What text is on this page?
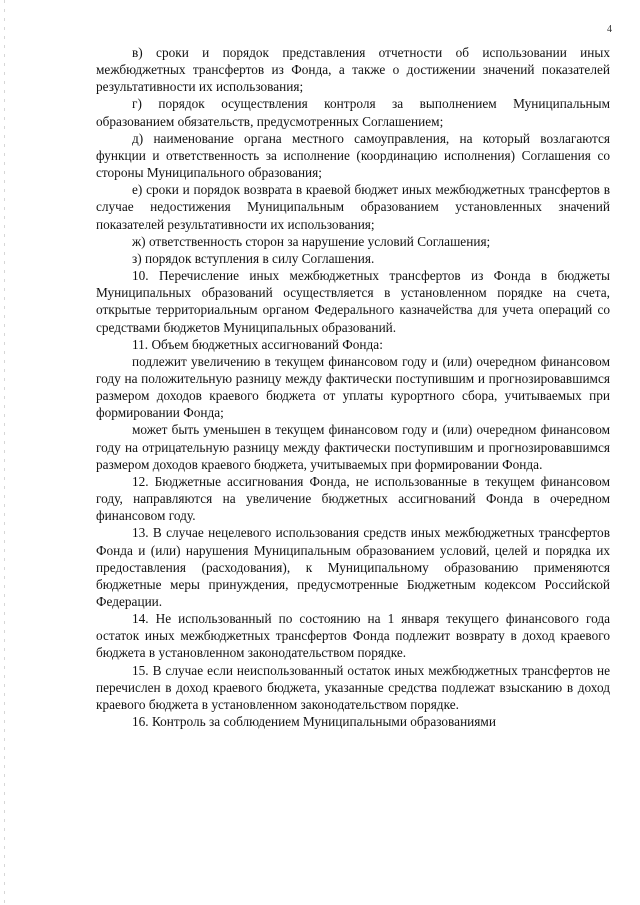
4

в) сроки и порядок представления отчетности об использовании иных межбюджетных трансфертов из Фонда, а также о достижении значений показателей результативности их использования;

г) порядок осуществления контроля за выполнением Муниципальным образованием обязательств, предусмотренных Соглашением;

д) наименование органа местного самоуправления, на который возлагаются функции и ответственность за исполнение (координацию исполнения) Соглашения со стороны Муниципального образования;

е) сроки и порядок возврата в краевой бюджет иных межбюджетных трансфертов в случае недостижения Муниципальным образованием установленных значений показателей результативности их использования;

ж) ответственность сторон за нарушение условий Соглашения;

з) порядок вступления в силу Соглашения.

10. Перечисление иных межбюджетных трансфертов из Фонда в бюджеты Муниципальных образований осуществляется в установленном порядке на счета, открытые территориальным органом Федерального казначейства для учета операций со средствами бюджетов Муниципальных образований.

11. Объем бюджетных ассигнований Фонда:

подлежит увеличению в текущем финансовом году и (или) очередном финансовом году на положительную разницу между фактически поступившим и прогнозировавшимся размером доходов краевого бюджета от уплаты курортного сбора, учитываемых при формировании Фонда;

может быть уменьшен в текущем финансовом году и (или) очередном финансовом году на отрицательную разницу между фактически поступившим и прогнозировавшимся размером доходов краевого бюджета, учитываемых при формировании Фонда.

12. Бюджетные ассигнования Фонда, не использованные в текущем финансовом году, направляются на увеличение бюджетных ассигнований Фонда в очередном финансовом году.

13. В случае нецелевого использования средств иных межбюджетных трансфертов Фонда и (или) нарушения Муниципальным образованием условий, целей и порядка их предоставления (расходования), к Муниципальному образованию применяются бюджетные меры принуждения, предусмотренные Бюджетным кодексом Российской Федерации.

14. Не использованный по состоянию на 1 января текущего финансового года остаток иных межбюджетных трансфертов Фонда подлежит возврату в доход краевого бюджета в установленном законодательством порядке.

15. В случае если неиспользованный остаток иных межбюджетных трансфертов не перечислен в доход краевого бюджета, указанные средства подлежат взысканию в доход краевого бюджета в установленном законодательством порядке.

16. Контроль за соблюдением Муниципальными образованиями
